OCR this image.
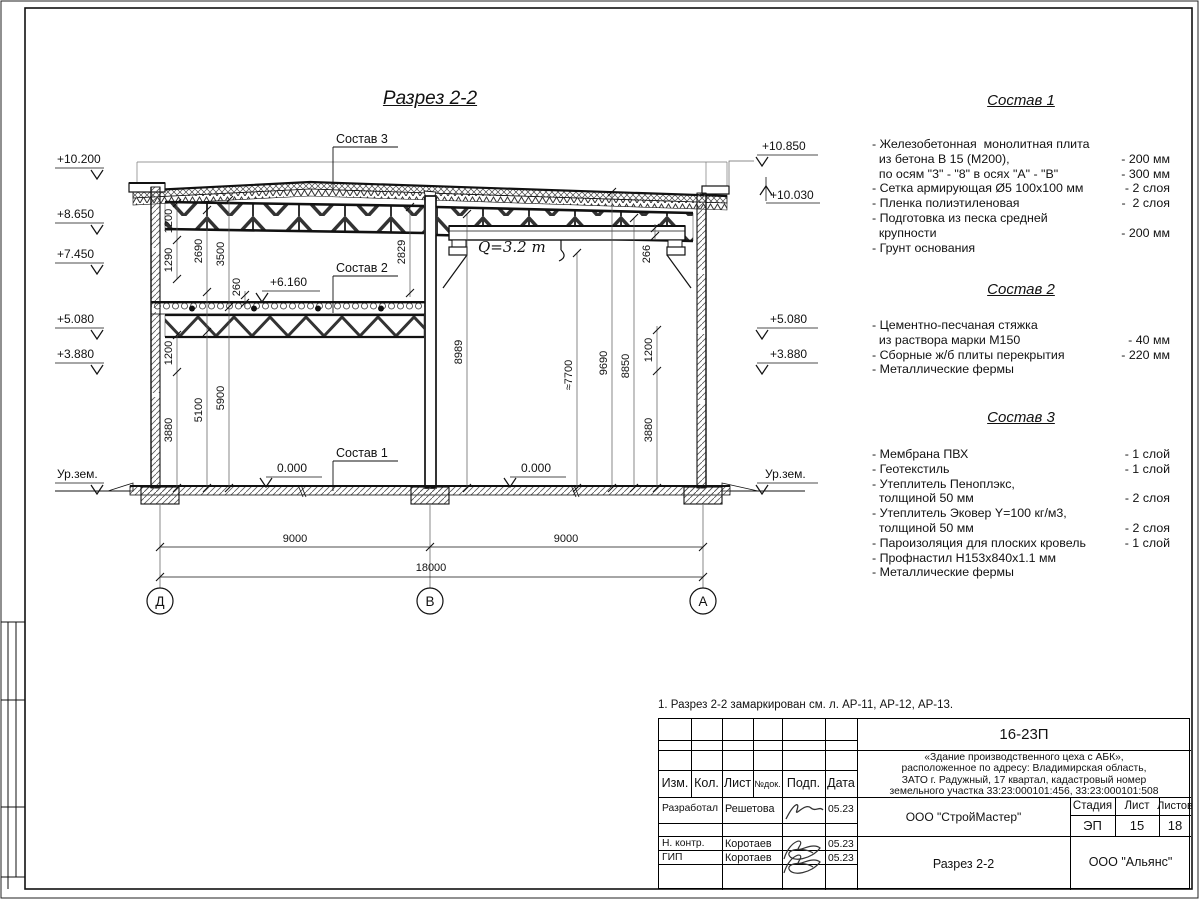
Q=3.2 т
Состав 3
Состав 2
Состав 1
0.000	0.000
+6.160
+10.200
+8.650
+7.450
+5.080
+3.880
Ур.зем.
+10.850
+10.030
+5.080
+3.880
Ур.зем.
1200
1290 2690 3500
260
2829
1200
3880
5100 5900
8989
≈7700 9690 8850
1200
3880
266
9000	9000
18000
Д	В	А
Разрез 2-2	Состав 1
- Железобетонная  монолитная плита
из бетона В 15 (М200),	- 200 мм
по осям "3" - "8" в осях "А" - "В"	- 300 мм
- Сетка армирующая Ø5 100х100 мм	- 2 слоя
- Пленка полиэтиленовая	-  2 слоя
- Подготовка из песка средней
крупности	- 200 мм
- Грунт основания
Состав 2
- Цементно-песчаная стяжка
из раствора марки М150	- 40 мм
- Сборные ж/б плиты перекрытия	- 220 мм
- Металлические фермы
Состав 3
- Мембрана ПВХ	- 1 слой
- Геотекстиль	- 1 слой
- Утеплитель Пеноплэкс,
толщиной 50 мм	- 2 слоя
- Утеплитель Эковер Y=100 кг/м3,
толщиной 50 мм	- 2 слоя
- Пароизоляция для плоских кровель	- 1 слой
- Профнастил Н153х840х1.1 мм
- Металлические фермы
1. Разрез 2-2 замаркирован см. л. АР-11, АР-12, АР-13.
Изм. Кол. Лист №док. Подп. Дата
Разработал Решетова	05.23
Н. контр. Коротаев	05.23
ГИП	Коротаев	05.23
16-23П
«Здание производственного цеха с АБК»,
расположенное по адресу: Владимирская область,
ЗАТО г. Радужный, 17 квартал, кадастровый номер
земельного участка 33:23:000101:456, 33:23:000101:508
ООО "СтройМастер"
Стадия	Лист Листов
ЭП	15	18
Разрез 2-2	ООО "Альянс"
